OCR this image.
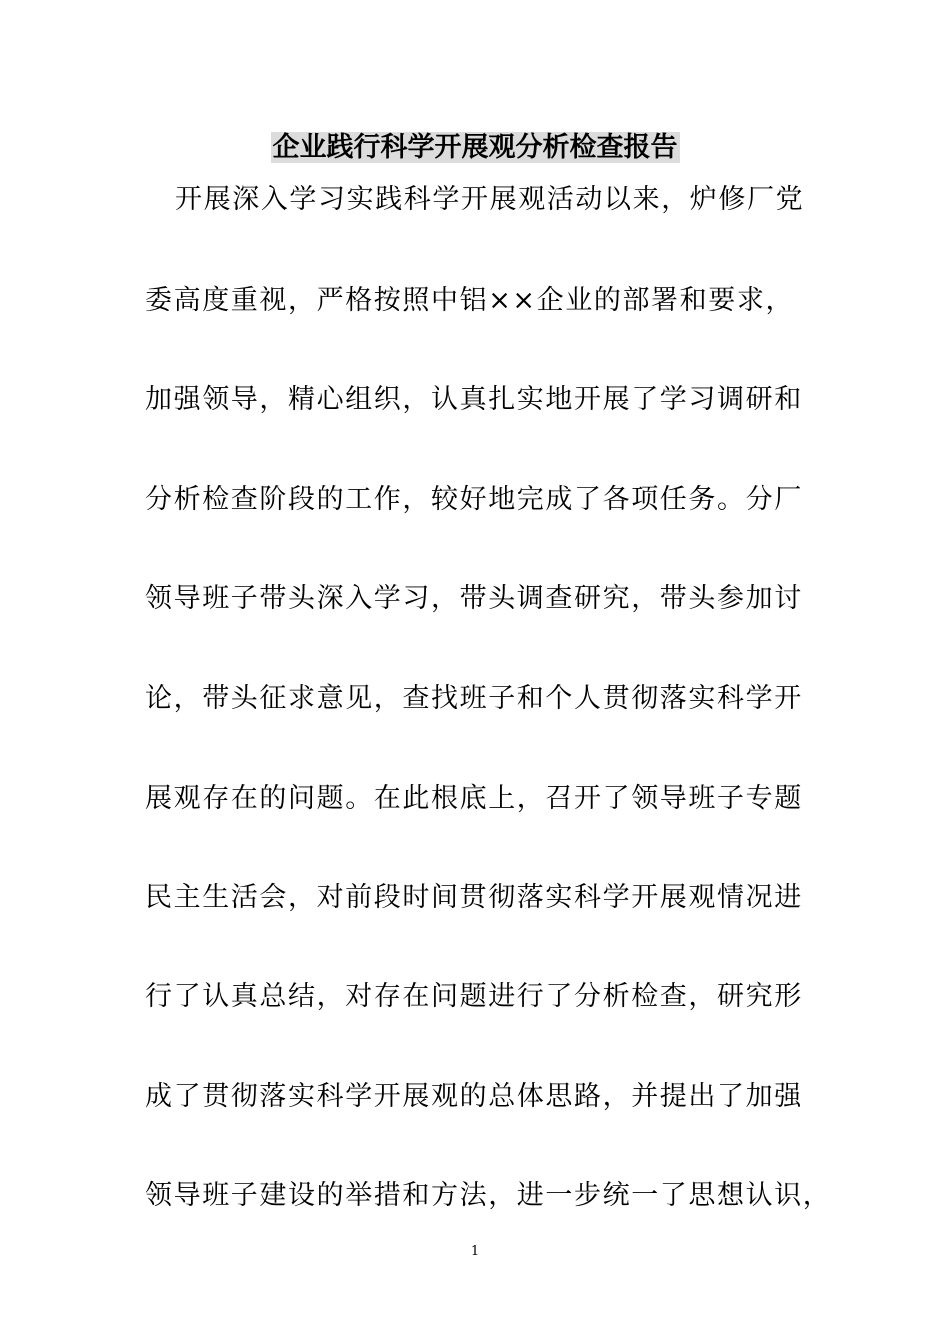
企业践行科学开展观分析检查报告
开展深入学习实践科学开展观活动以来，炉修厂党
委高度重视，严格按照中铝××企业的部署和要求，
加强领导，精心组织，认真扎实地开展了学习调研和
分析检查阶段的工作，较好地完成了各项任务。分厂
领导班子带头深入学习，带头调查研究，带头参加讨
论，带头征求意见，查找班子和个人贯彻落实科学开
展观存在的问题。在此根底上，召开了领导班子专题
民主生活会，对前段时间贯彻落实科学开展观情况进
行了认真总结，对存在问题进行了分析检查，研究形
成了贯彻落实科学开展观的总体思路，并提出了加强
领导班子建设的举措和方法，进一步统一了思想认识，
1
